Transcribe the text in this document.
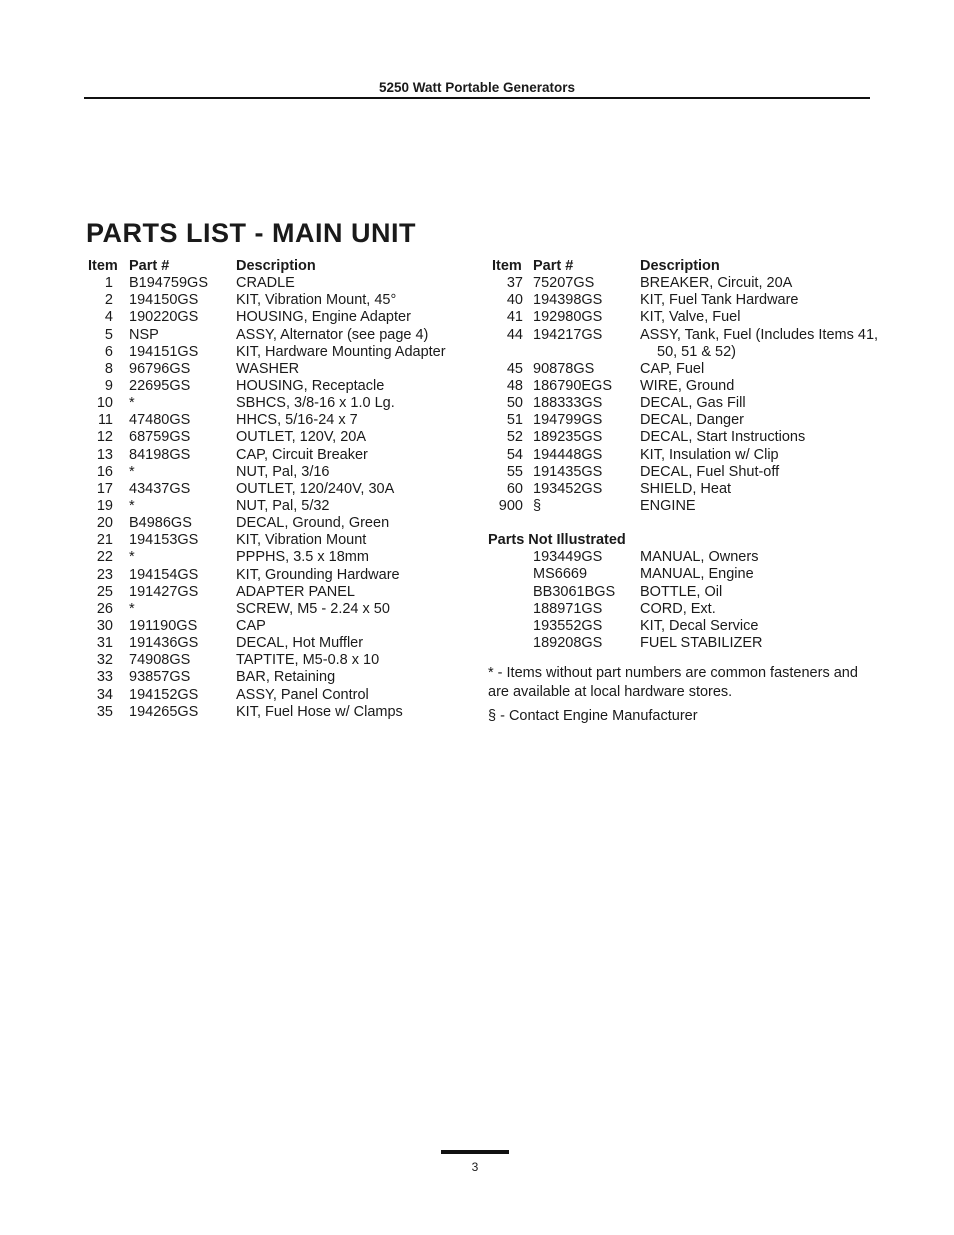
5250 Watt Portable Generators
PARTS LIST - MAIN UNIT
Item Part #	Description
1 B194759GS CRADLE
2 194150GS	KIT, Vibration Mount, 45°
4 190220GS	HOUSING, Engine Adapter
5 NSP	ASSY, Alternator (see page 4)
6 194151GS	KIT, Hardware Mounting Adapter
8 96796GS	WASHER
9 22695GS	HOUSING, Receptacle
10 *	SBHCS, 3/8-16 x 1.0 Lg.
11 47480GS	HHCS, 5/16-24 x 7
12 68759GS	OUTLET, 120V, 20A
13 84198GS	CAP, Circuit Breaker
16 *	NUT, Pal, 3/16
17 43437GS	OUTLET, 120/240V, 30A
19 *	NUT, Pal, 5/32
20 B4986GS	DECAL, Ground, Green
21 194153GS	KIT, Vibration Mount
22 *	PPPHS, 3.5 x 18mm
23 194154GS	KIT, Grounding Hardware
25 191427GS	ADAPTER PANEL
26 *	SCREW, M5 - 2.24 x 50
30 191190GS	CAP
31 191436GS	DECAL, Hot Muffler
32 74908GS	TAPTITE, M5-0.8 x 10
33 93857GS	BAR, Retaining
34 194152GS	ASSY, Panel Control
35 194265GS	KIT, Fuel Hose w/ Clamps
Item Part #	Description
37 75207GS	BREAKER, Circuit, 20A
40 194398GS	KIT, Fuel Tank Hardware
41 192980GS	KIT, Valve, Fuel
44 194217GS	ASSY, Tank, Fuel (Includes Items 41,
50, 51 & 52)
45 90878GS	CAP, Fuel
48 186790EGS WIRE, Ground
50 188333GS	DECAL, Gas Fill
51 194799GS	DECAL, Danger
52 189235GS	DECAL, Start Instructions
54 194448GS	KIT, Insulation w/ Clip
55 191435GS	DECAL, Fuel Shut-off
60 193452GS	SHIELD, Heat
900 §	ENGINE
Parts Not Illustrated
193449GS	MANUAL, Owners
MS6669	MANUAL, Engine
BB3061BGS BOTTLE, Oil
188971GS	CORD, Ext.
193552GS	KIT, Decal Service
189208GS	FUEL STABILIZER
* - Items without part numbers are common fasteners and are available at local hardware stores.
§ - Contact Engine Manufacturer
3
